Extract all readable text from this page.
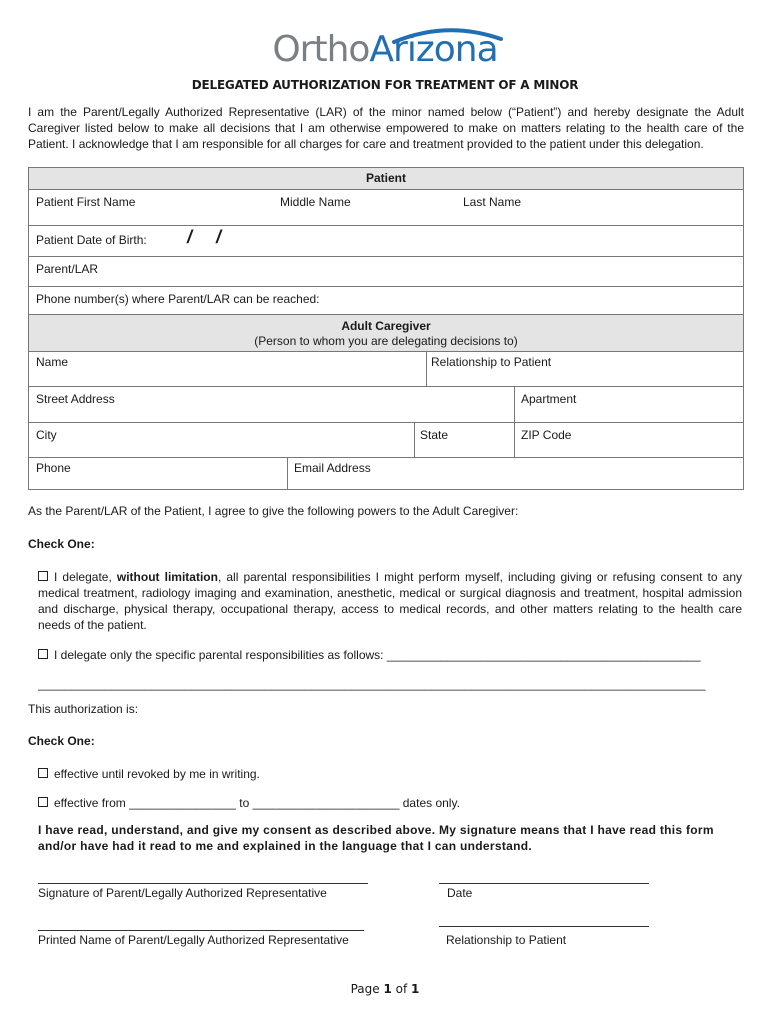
OrthoArizona
DELEGATED AUTHORIZATION FOR TREATMENT OF A MINOR
I am the Parent/Legally Authorized Representative (LAR) of the minor named below (“Patient”) and hereby designate the Adult Caregiver listed below to make all decisions that I am otherwise empowered to make on matters relating to the health care of the Patient. I acknowledge that I am responsible for all charges for care and treatment provided to the patient under this delegation.
Patient
Patient First Name	Middle Name	Last Name
Patient Date of Birth: / /
Parent/LAR
Phone number(s) where Parent/LAR can be reached:
Adult Caregiver
(Person to whom you are delegating decisions to)
Name	Relationship to Patient
Street Address	Apartment
City	State	ZIP Code
Phone	Email Address
As the Parent/LAR of the Patient, I agree to give the following powers to the Adult Caregiver:
Check One:
I delegate, without limitation, all parental responsibilities I might perform myself, including giving or refusing consent to any medical treatment, radiology imaging and examination, anesthetic, medical or surgical diagnosis and treatment, hospital admission and discharge, physical therapy, occupational therapy, access to medical records, and other matters relating to the health care needs of the patient.
I delegate only the specific parental responsibilities as follows: _______________________________________________
____________________________________________________________________________________________________
This authorization is:
Check One:
effective until revoked by me in writing.
effective from ________________ to ______________________ dates only.
I have read, understand, and give my consent as described above. My signature means that I have read this form and/or have had it read to me and explained in the language that I can understand.
Signature of Parent/Legally Authorized Representative	Date
Printed Name of Parent/Legally Authorized Representative	Relationship to Patient
Page 1 of 1
